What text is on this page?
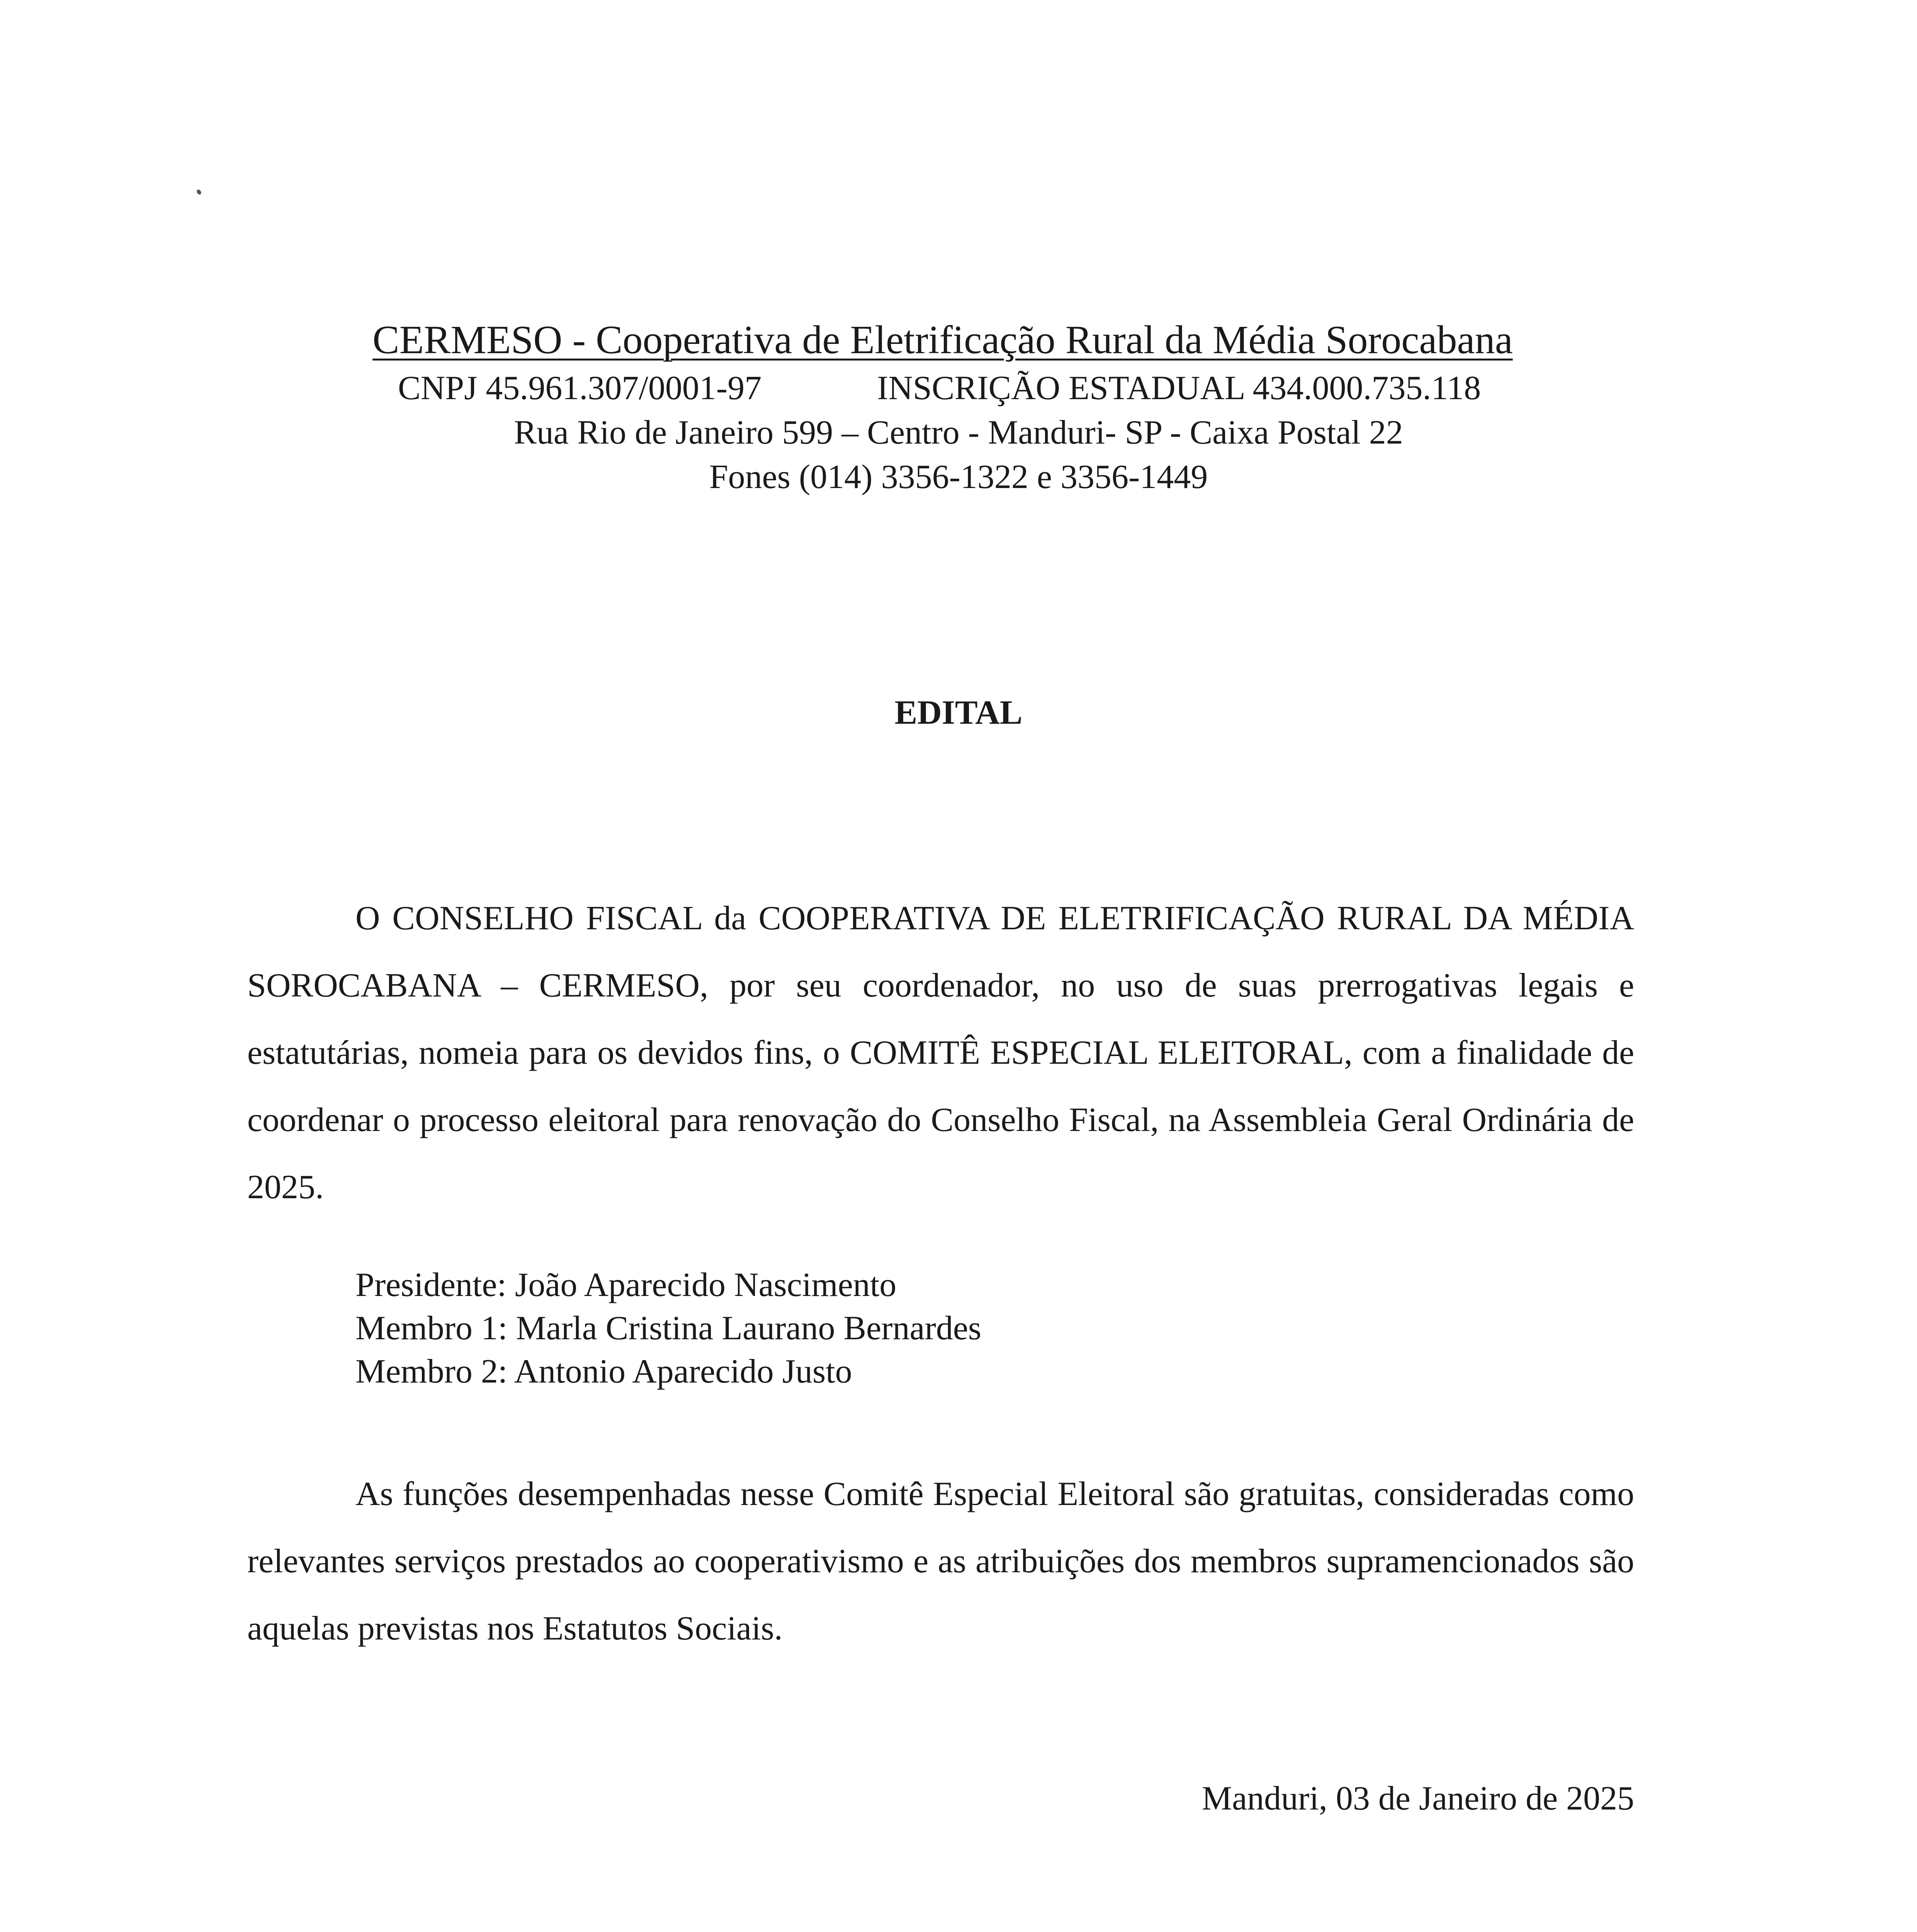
CERMESO - Cooperativa de Eletrificação Rural da Média Sorocabana
CNPJ 45.961.307/0001-97	INSCRIÇÃO ESTADUAL 434.000.735.118
Rua Rio de Janeiro 599 – Centro - Manduri- SP - Caixa Postal 22
Fones (014) 3356-1322 e 3356-1449
EDITAL

O CONSELHO FISCAL da COOPERATIVA DE ELETRIFICAÇÃO RURAL DA MÉDIA SOROCABANA – CERMESO, por seu coordenador, no uso de suas prerrogativas legais e estatutárias, nomeia para os devidos fins, o COMITÊ ESPECIAL ELEITORAL, com a finalidade de coordenar o processo eleitoral para renovação do Conselho Fiscal, na Assembleia Geral Ordinária de 2025.

Presidente: João Aparecido Nascimento
Membro 1: Marla Cristina Laurano Bernardes
Membro 2: Antonio Aparecido Justo

As funções desempenhadas nesse Comitê Especial Eleitoral são gratuitas, consideradas como relevantes serviços prestados ao cooperativismo e as atribuições dos membros supramencionados são aquelas previstas nos Estatutos Sociais.

Manduri, 03 de Janeiro de 2025
